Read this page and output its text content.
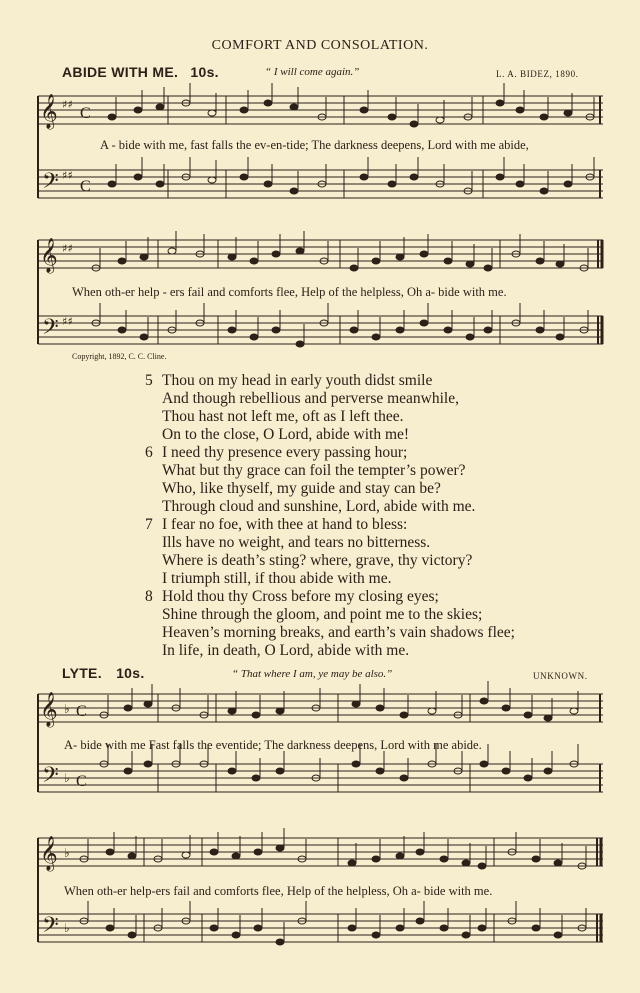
COMFORT AND CONSOLATION.
ABIDE WITH ME. 10s.	“ I will come again.”	L. A. BIDEZ, 1890.
𝄞
𝄢
♯♯
♯♯
C
C
A - bide with me, fast falls the ev-en-tide; The darkness deepens, Lord with me abide,
𝄞
𝄢
♯♯
♯♯
When oth-er help - ers fail and comforts flee, Help of the helpless, Oh a- bide with me.
Copyright, 1892, C. C. Cline.
5 Thou on my head in early youth didst smile
And though rebellious and perverse meanwhile,
Thou hast not left me, oft as I left thee.
On to the close, O Lord, abide with me!
6 I need thy presence every passing hour;
What but thy grace can foil the tempter’s power?
Who, like thyself, my guide and stay can be?
Through cloud and sunshine, Lord, abide with me.
7 I fear no foe, with thee at hand to bless:
Ills have no weight, and tears no bitterness.
Where is death’s sting? where, grave, thy victory?
I triumph still, if thou abide with me.
8 Hold thou thy Cross before my closing eyes;
Shine through the gloom, and point me to the skies;
Heaven’s morning breaks, and earth’s vain shadows flee;
In life, in death, O Lord, abide with me.
LYTE. 10s.	“ That where I am, ye may be also.”	UNKNOWN.
𝄞
𝄢
♭
♭
C
C
A- bide with me Fast falls the eventide; The darkness deepens, Lord with me abide.
𝄞
𝄢
♭
♭
When oth-er help-ers fail and comforts flee, Help of the helpless, Oh a- bide with me.
